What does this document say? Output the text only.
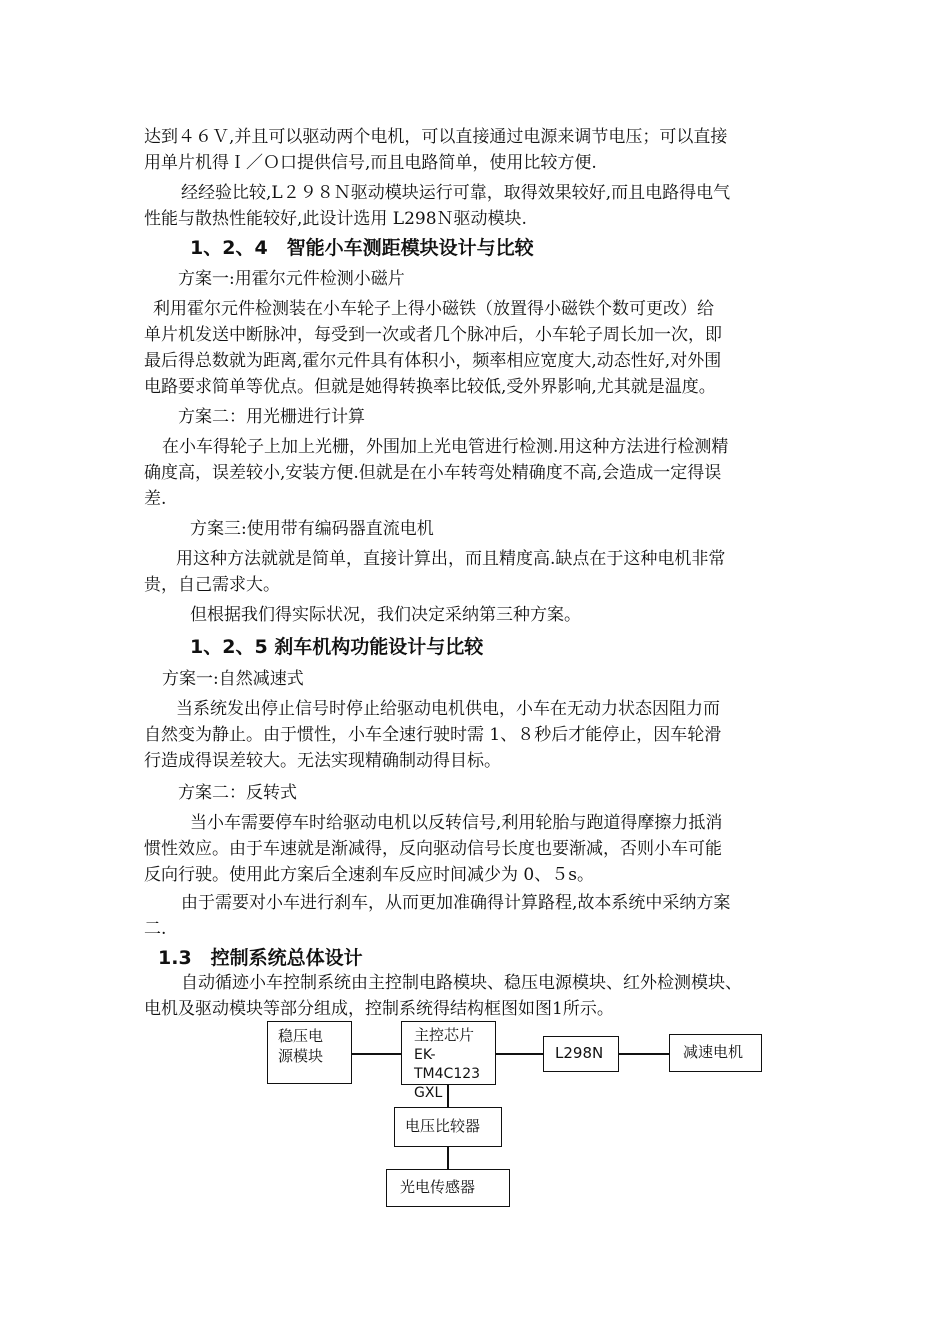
达到４６Ｖ,并且可以驱动两个电机，可以直接通过电源来调节电压；可以直接
用单片机得Ｉ／Ｏ口提供信号,而且电路简单，使用比较方便.
经经验比较,L２９８Ｎ驱动模块运行可靠，取得效果较好,而且电路得电气
性能与散热性能较好,此设计选用 L298Ｎ驱动模块.
1、2、4　智能小车测距模块设计与比较
方案一:用霍尔元件检测小磁片
利用霍尔元件检测装在小车轮子上得小磁铁（放置得小磁铁个数可更改）给
单片机发送中断脉冲，每受到一次或者几个脉冲后，小车轮子周长加一次，即
最后得总数就为距离,霍尔元件具有体积小，频率相应宽度大,动态性好,对外围
电路要求简单等优点。但就是她得转换率比较低,受外界影响,尤其就是温度。
方案二：用光栅进行计算
在小车得轮子上加上光栅，外围加上光电管进行检测.用这种方法进行检测精
确度高，误差较小,安装方便.但就是在小车转弯处精确度不高,会造成一定得误
差.
方案三:使用带有编码器直流电机
用这种方法就就是简单，直接计算出，而且精度高.缺点在于这种电机非常
贵，自己需求大。
但根据我们得实际状况，我们决定采纳第三种方案。
1、2、5 刹车机构功能设计与比较
方案一:自然减速式
当系统发出停止信号时停止给驱动电机供电，小车在无动力状态因阻力而
自然变为静止。由于惯性，小车全速行驶时需 1、８秒后才能停止，因车轮滑
行造成得误差较大。无法实现精确制动得目标。
方案二：反转式
当小车需要停车时给驱动电机以反转信号,利用轮胎与跑道得摩擦力抵消
惯性效应。由于车速就是渐减得，反向驱动信号长度也要渐减，否则小车可能
反向行驶。使用此方案后全速刹车反应时间减少为 0、５s。
由于需要对小车进行刹车，从而更加准确得计算路程,故本系统中采纳方案
二.
1.3　控制系统总体设计
自动循迹小车控制系统由主控制电路模块、稳压电源模块、红外检测模块、
电机及驱动模块等部分组成，控制系统得结构框图如图1所示。
稳压电
源模块
主控芯片
EK-
TM4C123
GXL
L298N	减速电机
电压比较器
光电传感器
